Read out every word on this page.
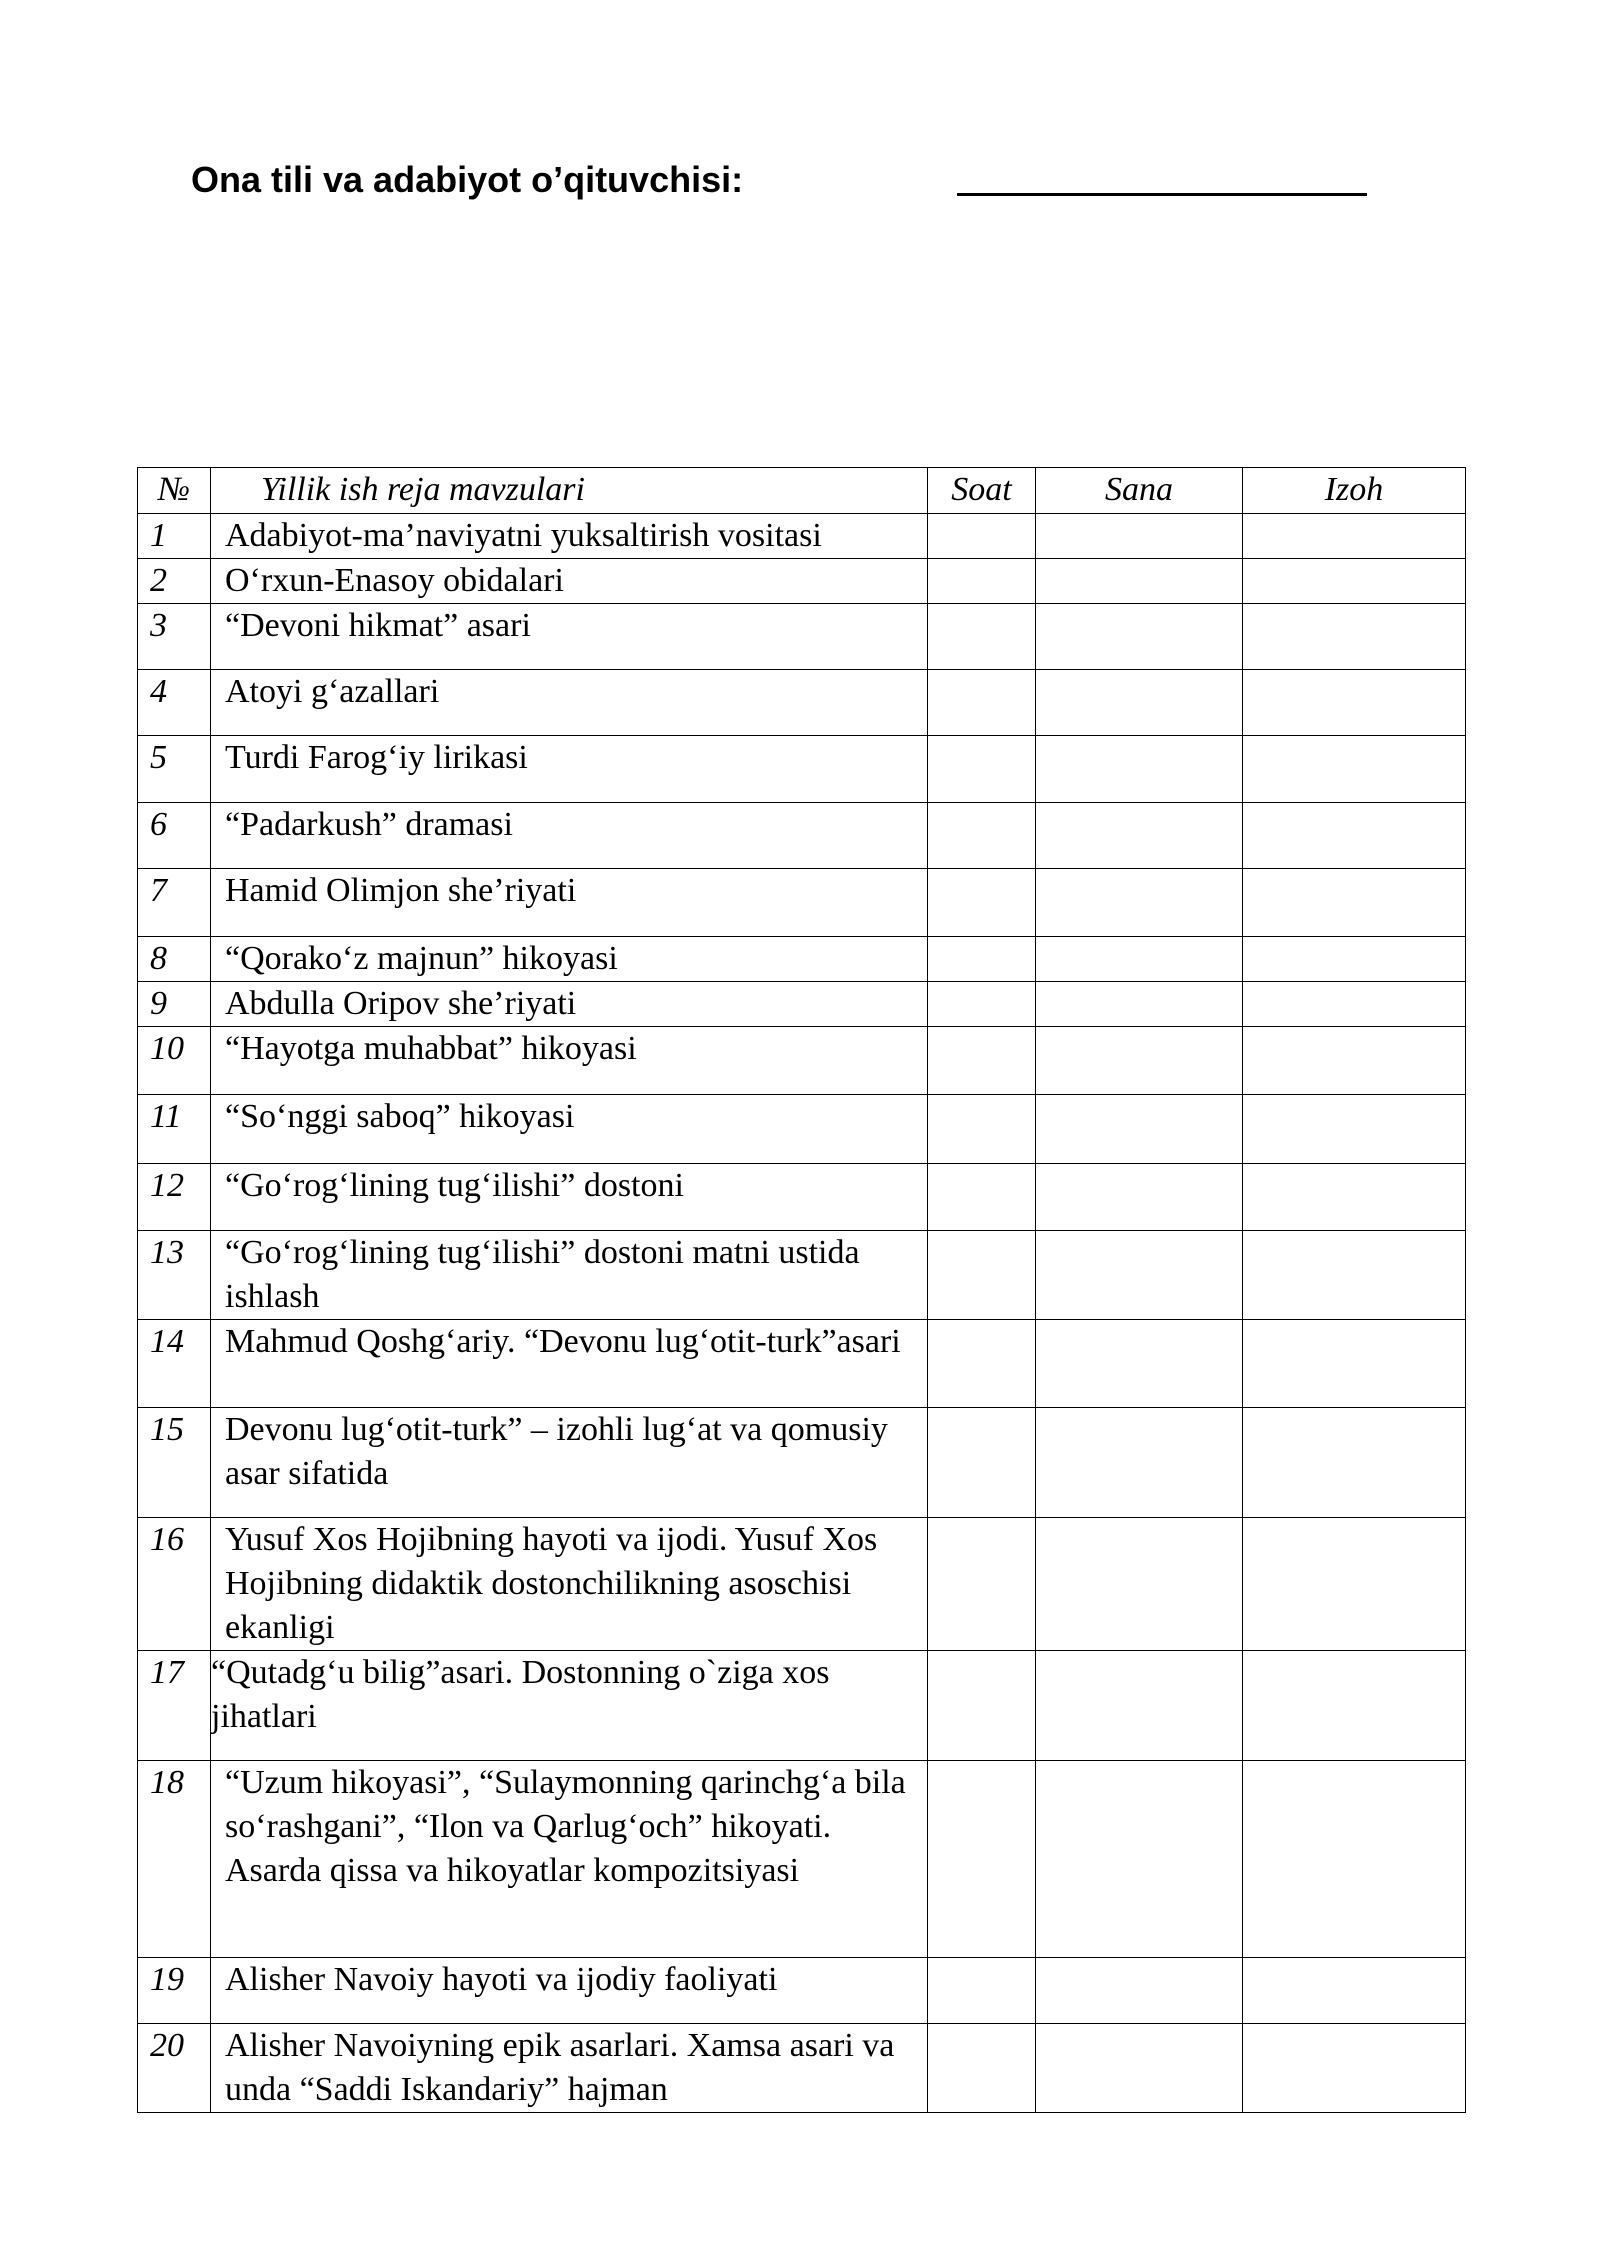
Ona tili va adabiyot o’qituvchisi:
№	Yillik ish reja mavzulari	Soat	Sana	Izoh
1	Adabiyot-ma’naviyatni yuksaltirish vositasi			
2	O‘rxun-Enasoy obidalari			
3	“Devoni hikmat” asari			
4	Atoyi g‘azallari			
5	Turdi Farog‘iy lirikasi			
6	“Padarkush” dramasi			
7	Hamid Olimjon she’riyati			
8	“Qorako‘z majnun” hikoyasi			
9	Abdulla Oripov she’riyati			
10	“Hayotga muhabbat” hikoyasi			
11	“So‘nggi saboq” hikoyasi			
12	“Go‘rog‘lining tug‘ilishi” dostoni			
13	“Go‘rog‘lining tug‘ilishi” dostoni matni ustida ishlash			
14	Mahmud Qoshg‘ariy. “Devonu lug‘otit-turk”asari			
15	Devonu lug‘otit-turk” – izohli lug‘at va qomusiy asar sifatida			
16	Yusuf Xos Hojibning hayoti va ijodi. Yusuf Xos Hojibning didaktik dostonchilikning asoschisi ekanligi			
17	“Qutadg‘u bilig”asari. Dostonning o`ziga xos jihatlari			
18	“Uzum hikoyasi”, “Sulaymonning qarinchg‘a bila so‘rashgani”, “Ilon va Qarlug‘och” hikoyati. Asarda qissa va hikoyatlar kompozitsiyasi			
19	Alisher Navoiy hayoti va ijodiy faoliyati			
20	Alisher Navoiyning epik asarlari. Xamsa asari va unda “Saddi Iskandariy” hajman			
